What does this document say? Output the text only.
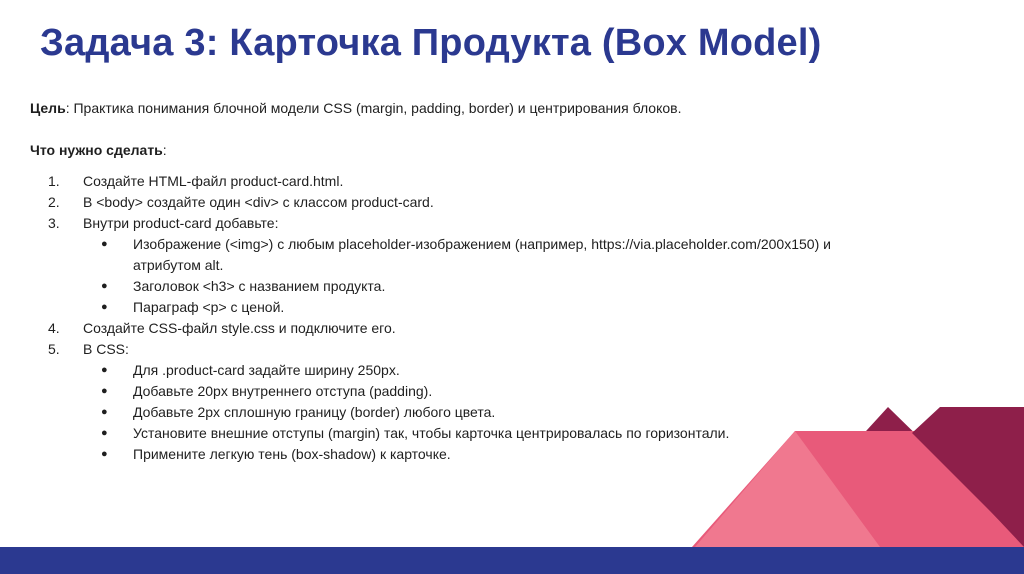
Задача 3: Карточка Продукта (Box Model)
Цель: Практика понимания блочной модели CSS (margin, padding, border) и центрирования блоков.
Что нужно сделать:
1. Создайте HTML-файл product-card.html.
2. В <body> создайте один <div> с классом product-card.
3. Внутри product-card добавьте:
● Изображение (<img>) с любым placeholder-изображением (например, https://via.placeholder.com/200x150) и
атрибутом alt.
● Заголовок <h3> с названием продукта.
● Параграф <p> с ценой.
4. Создайте CSS-файл style.css и подключите его.
5. В CSS:
● Для .product-card задайте ширину 250px.
● Добавьте 20px внутреннего отступа (padding).
● Добавьте 2px сплошную границу (border) любого цвета.
● Установите внешние отступы (margin) так, чтобы карточка центрировалась по горизонтали.
● Примените легкую тень (box-shadow) к карточке.
